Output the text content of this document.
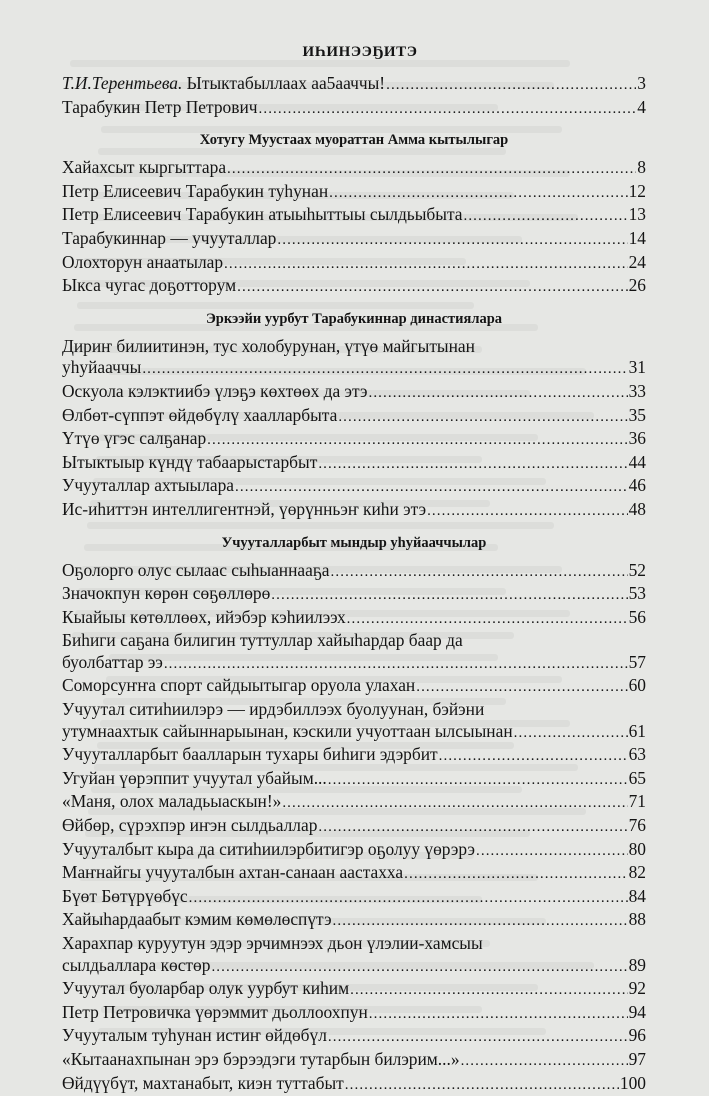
ИҺИНЭЭҔИТЭ
Т.И.Терентьева. Ытыктабыллаах аа5ааччы! .....	3
Тарабукин Петр Петрович .....	4
Хотугу Муустаах муораттан Амма кытылыгар
Хайахсыт кыргыттара .....	8
Петр Елисеевич Тарабукин туһунан .....	12
Петр Елисеевич Тарабукин атыыһыттыы сылдьыбыта .....	13
Тарабукиннар — учууталлар .....	14
Олохторун анаатылар .....	24
Ыкса чугас доҕотторум .....	26
Эркээйи уурбут Тарабукиннар династиялара
Дириҥ билиитинэн, тус холобурунан, үтүө майгытынан
уһуйааччы .....	31
Оскуола кэлэктиибэ үлэҕэ көхтөөх да этэ .....	33
Өлбөт-сүппэт өйдөбүлү хаалларбыта .....	35
Үтүө үгэс салҕанар .....	36
Ытыктыыр күндү табаарыстарбыт .....	44
Учууталлар ахтыылара .....	46
Ис-иһиттэн интеллигентнэй, үөрүнньэҥ киһи этэ .....	48
Учууталларбыт мындыр уһуйааччылар
Оҕолорго олус сылаас сыһыаннааҕа .....	52
Значокпун көрөн сөҕөллөрө .....	53
Кыайыы көтөллөөх, ийэбэр кэһиилээх .....	56
Биһиги саҕана билигин туттуллар хайыһардар баар да
буолбаттар ээ .....	57
Соморсуҥҥа спорт сайдыытыгар оруола улахан .....	60
Учуутал ситиһиилэрэ — ирдэбиллээх буолуунан, бэйэни
утумнаахтык сайыннарыынан, кэскили учуоттаан ылсыынан .....	61
Учууталларбыт бааллaрын тухары биһиги эдэрбит .....	63
Угуйан үөрэппит учуутал убайым... .....	65
«Маня, олох маладьыаскын!» .....	71
Өйбөр, сүрэхпэр иҥэн сылдьаллар .....	76
Учууталбыт кыра да ситиһиилэрбитигэр оҕолуу үөрэрэ .....	80
Маҥнайгы учууталбын ахтан-санаан аастахха .....	82
Бүөт Бөтүрүөбүс .....	84
Хайыһардаабыт кэмим көмөлөспүтэ .....	88
Харахпар куруутун эдэр эрчимнээх дьон үлэлии-хамсыы
сылдьаллара көстөр .....	89
Учуутал буолaрбар олук уурбут киһим .....	92
Петр Петровичка үөрэммит дьоллоохпун .....	94
Учууталым туһунан истиҥ өйдөбүл .....	96
«Кытаанахпынан эрэ бэрээдэги тутарбын билэрим...» .....	97
Өйдүүбүт, махтанабыт, киэн туттабыт .....	100
